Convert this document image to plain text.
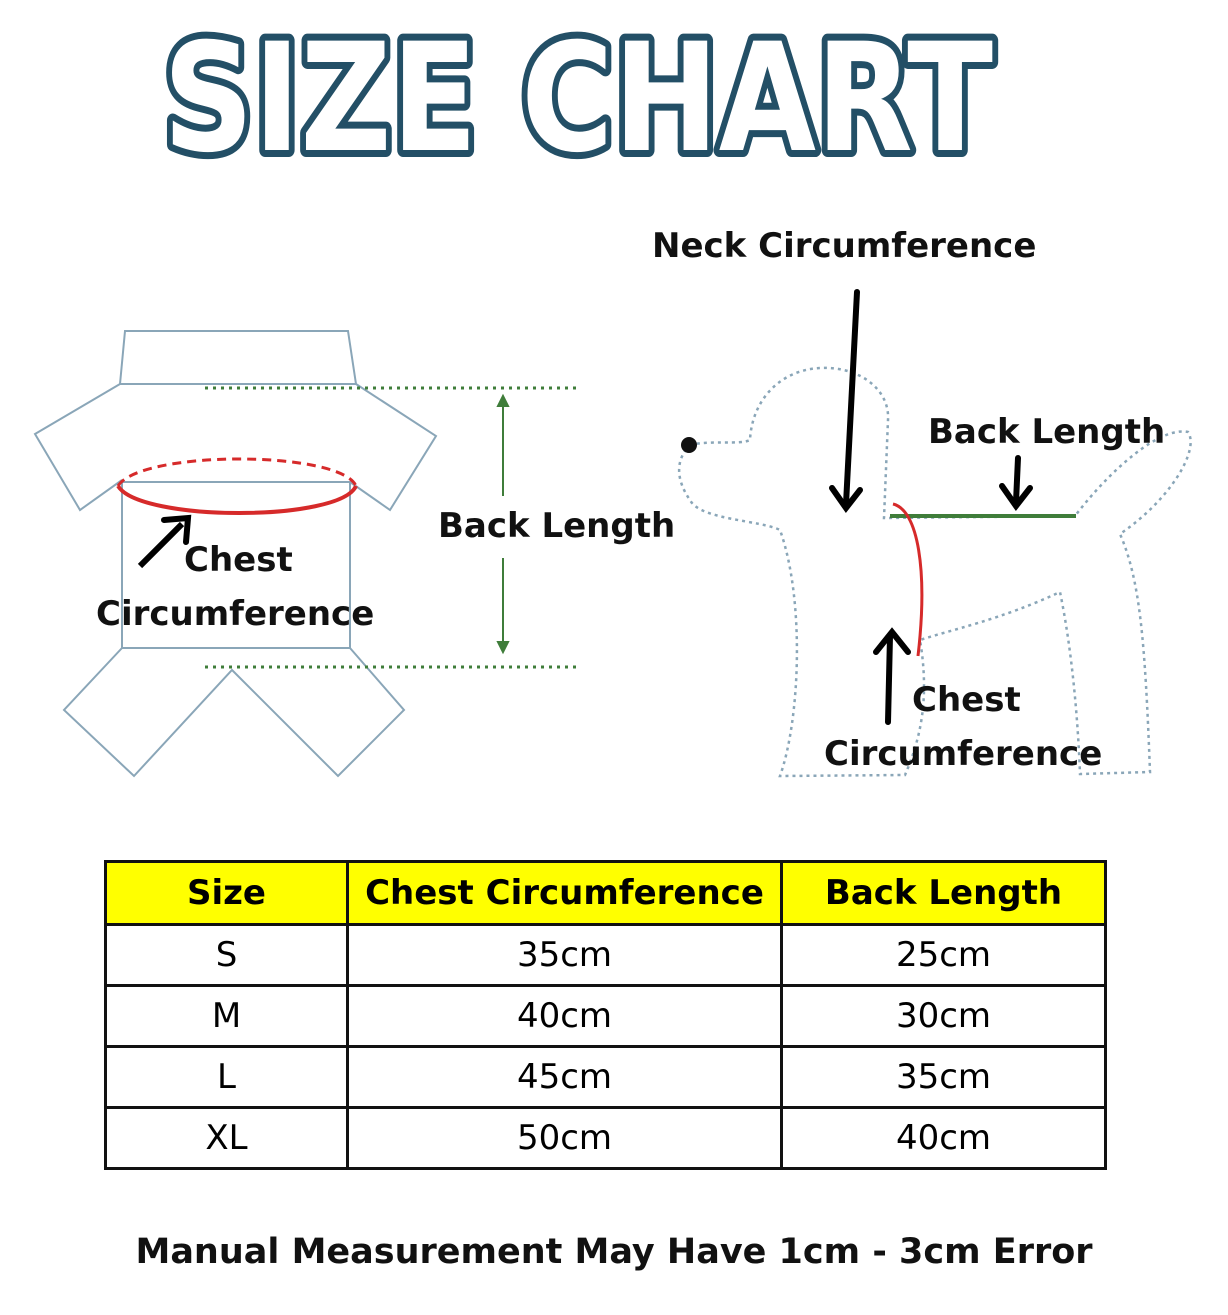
SIZE CHART
Back Length
Chest
Circumference
Neck Circumference
Back Length
Chest
Circumference
Size	Chest Circumference	Back Length
S	35cm	25cm
M	40cm	30cm
L	45cm	35cm
XL	50cm	40cm
Manual Measurement May Have 1cm - 3cm Error
